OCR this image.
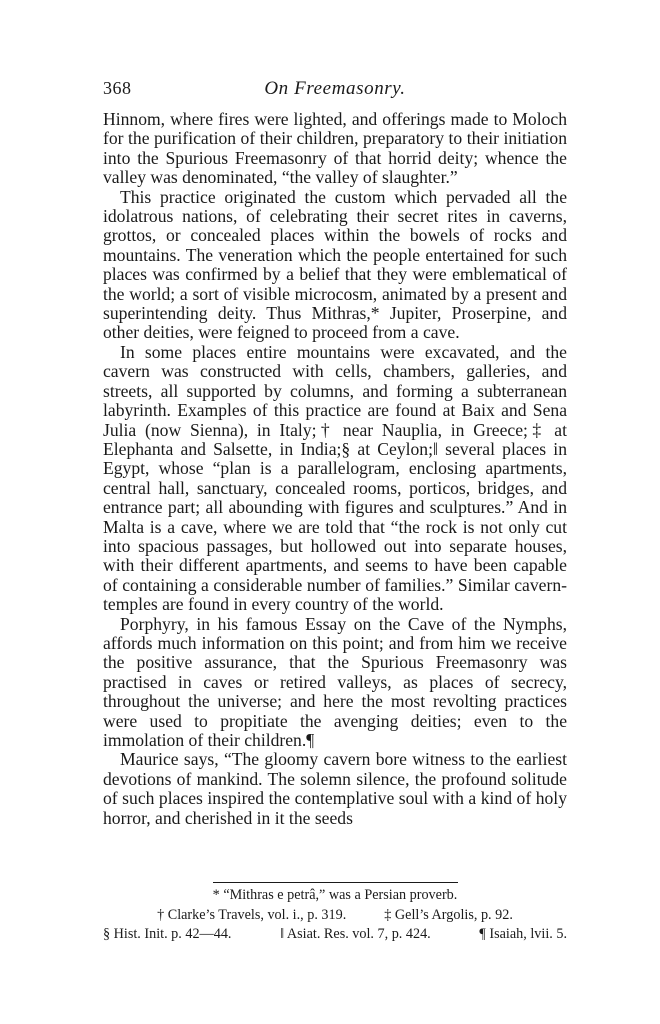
368	On Freemasonry.

Hinnom, where fires were lighted, and offerings made to Moloch for the purification of their children, preparatory to their initiation into the Spurious Freemasonry of that horrid deity; whence the valley was denominated, “the valley of slaughter.”

This practice originated the custom which pervaded all the idolatrous nations, of celebrating their secret rites in caverns, grottos, or concealed places within the bowels of rocks and mountains. The veneration which the people entertained for such places was confirmed by a belief that they were emblematical of the world; a sort of visible microcosm, animated by a present and superintending deity. Thus Mithras,* Jupiter, Proserpine, and other deities, were feigned to proceed from a cave.

In some places entire mountains were excavated, and the cavern was constructed with cells, chambers, galleries, and streets, all supported by columns, and forming a subterranean labyrinth. Examples of this practice are found at Baix and Sena Julia (now Sienna), in Italy;† near Nauplia, in Greece;‡ at Elephanta and Salsette, in India;§ at Ceylon;‖ several places in Egypt, whose “plan is a parallelogram, enclosing apartments, central hall, sanctuary, concealed rooms, porticos, bridges, and entrance part; all abounding with figures and sculptures.” And in Malta is a cave, where we are told that “the rock is not only cut into spacious passages, but hollowed out into separate houses, with their different apartments, and seems to have been capable of containing a considerable number of families.” Similar cavern-temples are found in every country of the world.

Porphyry, in his famous Essay on the Cave of the Nymphs, affords much information on this point; and from him we receive the positive assurance, that the Spurious Freemasonry was practised in caves or retired valleys, as places of secrecy, throughout the universe; and here the most revolting practices were used to propitiate the avenging deities; even to the immolation of their children.¶

Maurice says, “The gloomy cavern bore witness to the earliest devotions of mankind. The solemn silence, the profound solitude of such places inspired the contemplative soul with a kind of holy horror, and cherished in it the seeds

* “Mithras e petrâ,” was a Persian proverb.
† Clarke’s Travels, vol. i., p. 319.	‡ Gell’s Argolis, p. 92.
§ Hist. Init. p. 42—44.	‖ Asiat. Res. vol. 7, p. 424.	¶ Isaiah, lvii. 5.
